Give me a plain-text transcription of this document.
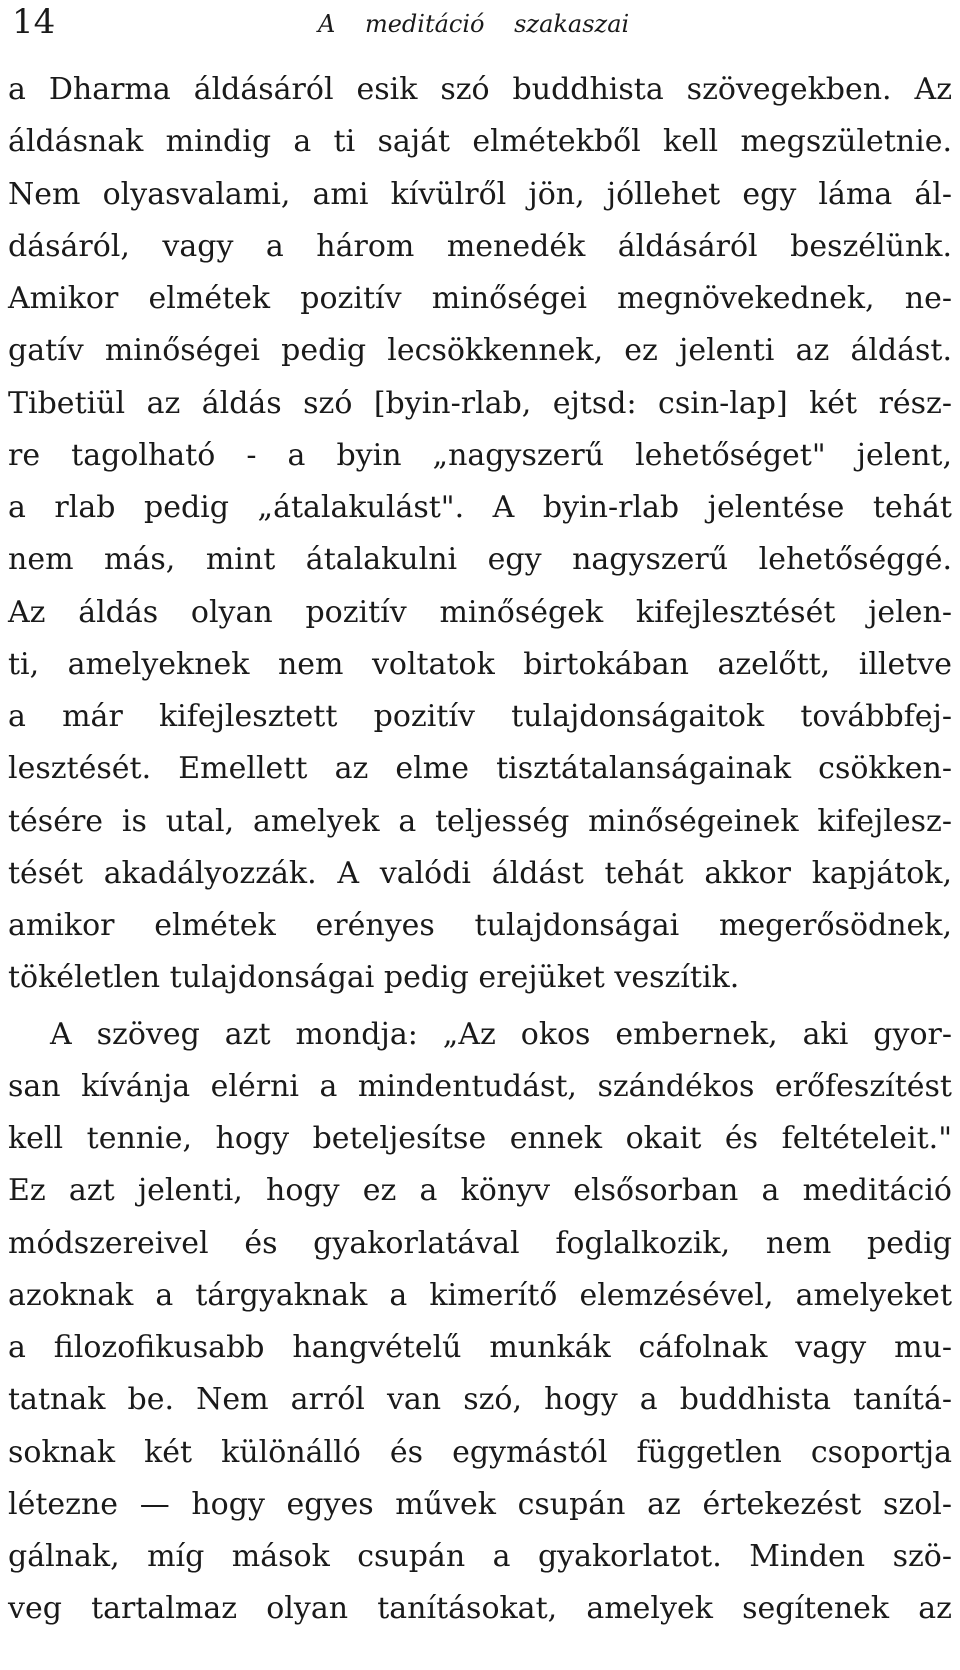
14	A meditáció szakaszai
a Dharma áldásáról esik szó buddhista szövegekben. Az
áldásnak mindig a ti saját elmétekből kell megszületnie.
Nem olyasvalami, ami kívülről jön, jóllehet egy láma ál-
dásáról, vagy a három menedék áldásáról beszélünk.
Amikor elmétek pozitív minőségei megnövekednek, ne-
gatív minőségei pedig lecsökkennek, ez jelenti az áldást.
Tibetiül az áldás szó [byin-rlab, ejtsd: csin-lap] két rész-
re tagolható - a byin „nagyszerű lehetőséget" jelent,
a rlab pedig „átalakulást". A byin-rlab jelentése tehát
nem más, mint átalakulni egy nagyszerű lehetőséggé.
Az áldás olyan pozitív minőségek kifejlesztését jelen-
ti, amelyeknek nem voltatok birtokában azelőtt, illetve
a már kifejlesztett pozitív tulajdonságaitok továbbfej-
lesztését. Emellett az elme tisztátalanságainak csökken-
tésére is utal, amelyek a teljesség minőségeinek kifejlesz-
tését akadályozzák. A valódi áldást tehát akkor kapjátok,
amikor elmétek erényes tulajdonságai megerősödnek,
tökéletlen tulajdonságai pedig erejüket veszítik.
A szöveg azt mondja: „Az okos embernek, aki gyor-
san kívánja elérni a mindentudást, szándékos erőfeszítést
kell tennie, hogy beteljesítse ennek okait és feltételeit."
Ez azt jelenti, hogy ez a könyv elsősorban a meditáció
módszereivel és gyakorlatával foglalkozik, nem pedig
azoknak a tárgyaknak a kimerítő elemzésével, amelyeket
a filozofikusabb hangvételű munkák cáfolnak vagy mu-
tatnak be. Nem arról van szó, hogy a buddhista tanítá-
soknak két különálló és egymástól független csoportja
létezne — hogy egyes művek csupán az értekezést szol-
gálnak, míg mások csupán a gyakorlatot. Minden szö-
veg tartalmaz olyan tanításokat, amelyek segítenek az
